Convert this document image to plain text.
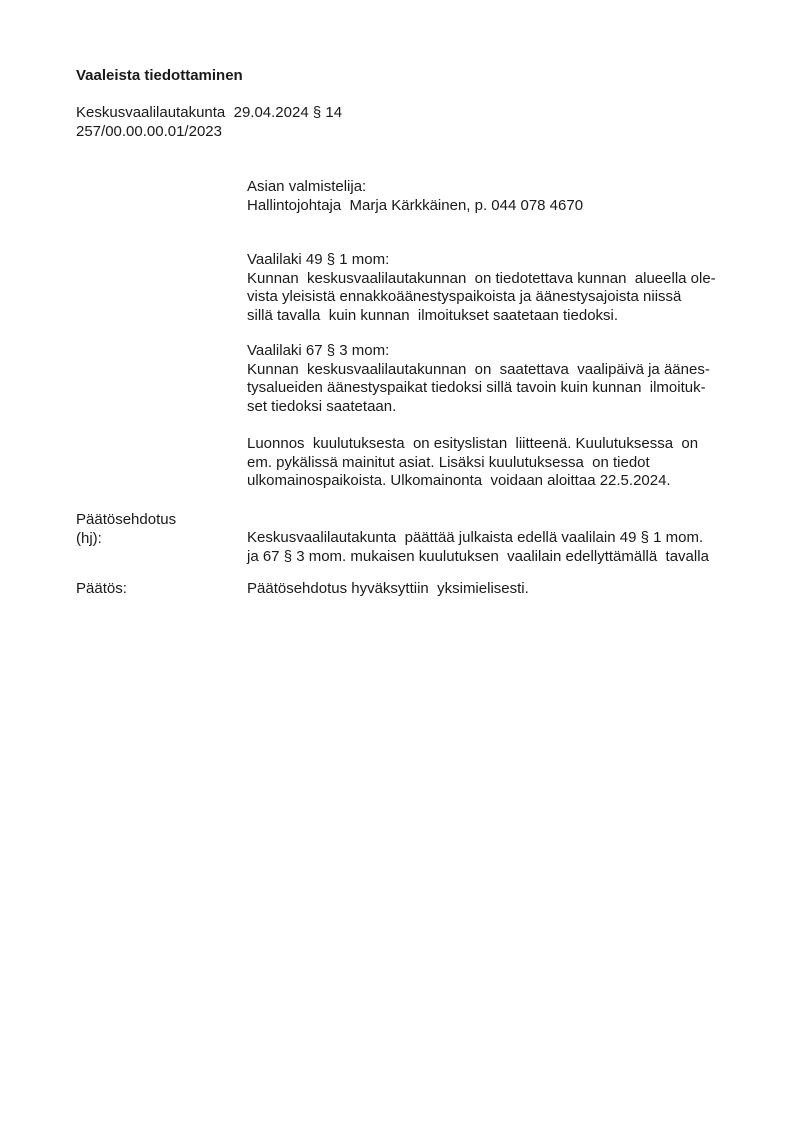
Vaaleista tiedottaminen
Keskusvaalilautakunta  29.04.2024 § 14
257/00.00.00.01/2023
Asian valmistelija:
Hallintojohtaja  Marja Kärkkäinen, p. 044 078 4670
Vaalilaki 49 § 1 mom:
Kunnan  keskusvaalilautakunnan  on tiedotettava kunnan  alueella ole-
vista yleisistä ennakkoäänestyspaikoista ja äänestysajoista niissä
sillä tavalla  kuin kunnan  ilmoitukset saatetaan tiedoksi.
Vaalilaki 67 § 3 mom:
Kunnan  keskusvaalilautakunnan  on  saatettava  vaalipäivä ja äänes-
tysalueiden äänestyspaikat tiedoksi sillä tavoin kuin kunnan  ilmoituk-
set tiedoksi saatetaan.
Luonnos  kuulutuksesta  on esityslistan  liitteenä. Kuulutuksessa  on
em. pykälissä mainitut asiat. Lisäksi kuulutuksessa  on tiedot
ulkomainospaikoista. Ulkomainonta  voidaan aloittaa 22.5.2024.
Päätösehdotus
(hj):	Keskusvaalilautakunta  päättää julkaista edellä vaalilain 49 § 1 mom.
ja 67 § 3 mom. mukaisen kuulutuksen  vaalilain edellyttämällä  tavalla
Päätös:	Päätösehdotus hyväksyttiin  yksimielisesti.
